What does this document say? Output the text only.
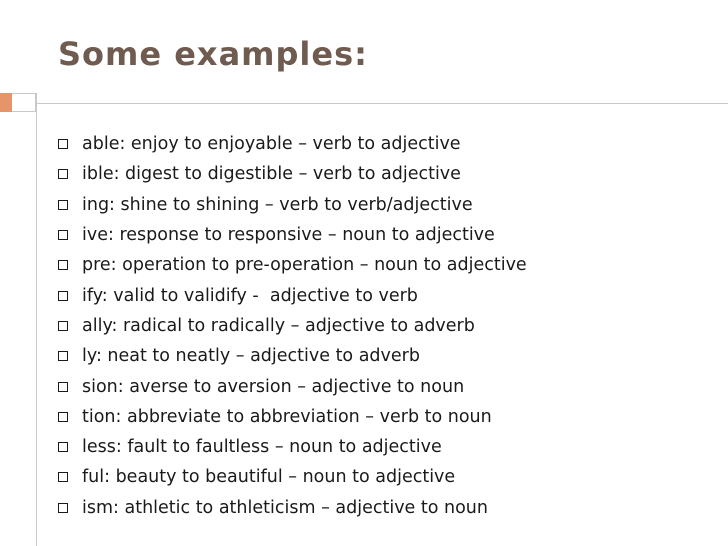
Some examples:
able: enjoy to enjoyable – verb to adjective
ible: digest to digestible – verb to adjective
ing: shine to shining – verb to verb/adjective
ive: response to responsive – noun to adjective
pre: operation to pre-operation – noun to adjective
ify: valid to validify -  adjective to verb
ally: radical to radically – adjective to adverb
ly: neat to neatly – adjective to adverb
sion: averse to aversion – adjective to noun
tion: abbreviate to abbreviation – verb to noun
less: fault to faultless – noun to adjective
ful: beauty to beautiful – noun to adjective
ism: athletic to athleticism – adjective to noun
